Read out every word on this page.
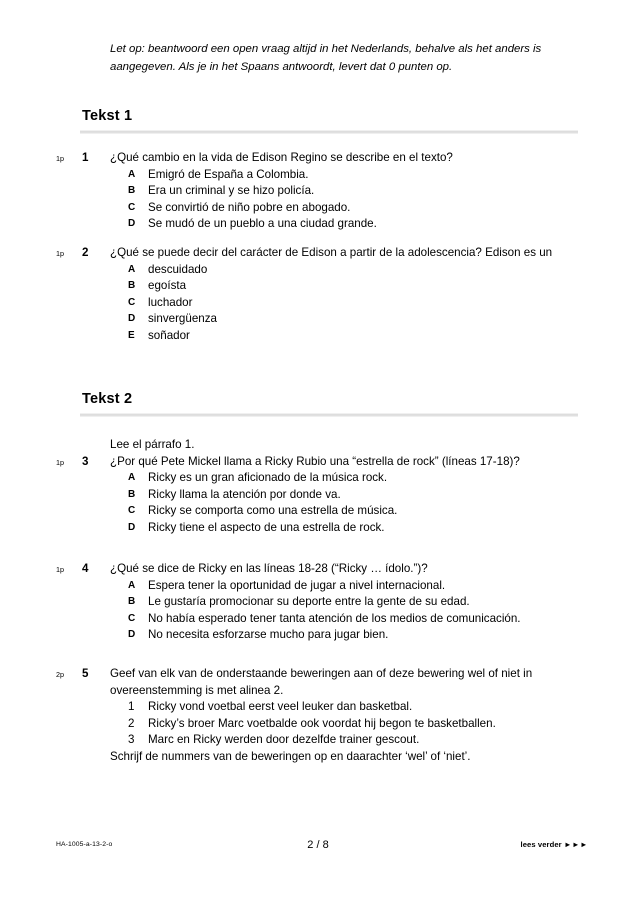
Let op: beantwoord een open vraag altijd in het Nederlands, behalve als het anders is aangegeven. Als je in het Spaans antwoordt, levert dat 0 punten op.
Tekst 1
1p	1	¿Qué cambio en la vida de Edison Regino se describe en el texto?
A Emigró de España a Colombia.
B Era un criminal y se hizo policía.
C Se convirtió de niño pobre en abogado.
D Se mudó de un pueblo a una ciudad grande.
1p	2	¿Qué se puede decir del carácter de Edison a partir de la adolescencia? Edison es un
A descuidado
B egoísta
C luchador
D sinvergüenza
E soñador
Tekst 2
Lee el párrafo 1.
1p	3	¿Por qué Pete Mickel llama a Ricky Rubio una “estrella de rock” (líneas 17-18)?
A Ricky es un gran aficionado de la música rock.
B Ricky llama la atención por donde va.
C Ricky se comporta como una estrella de música.
D Ricky tiene el aspecto de una estrella de rock.
1p	4	¿Qué se dice de Ricky en las líneas 18-28 (“Ricky … ídolo.”)?
A Espera tener la oportunidad de jugar a nivel internacional.
B Le gustaría promocionar su deporte entre la gente de su edad.
C No había esperado tener tanta atención de los medios de comunicación.
D No necesita esforzarse mucho para jugar bien.
2p	5	Geef van elk van de onderstaande beweringen aan of deze bewering wel of niet in overeenstemming is met alinea 2.
1 Ricky vond voetbal eerst veel leuker dan basketbal.
2 Ricky’s broer Marc voetbalde ook voordat hij begon te basketballen.
3 Marc en Ricky werden door dezelfde trainer gescout.
Schrijf de nummers van de beweringen op en daarachter ‘wel’ of ‘niet’.
HA-1005-a-13-2-o	2 / 8	lees verder ►►►
